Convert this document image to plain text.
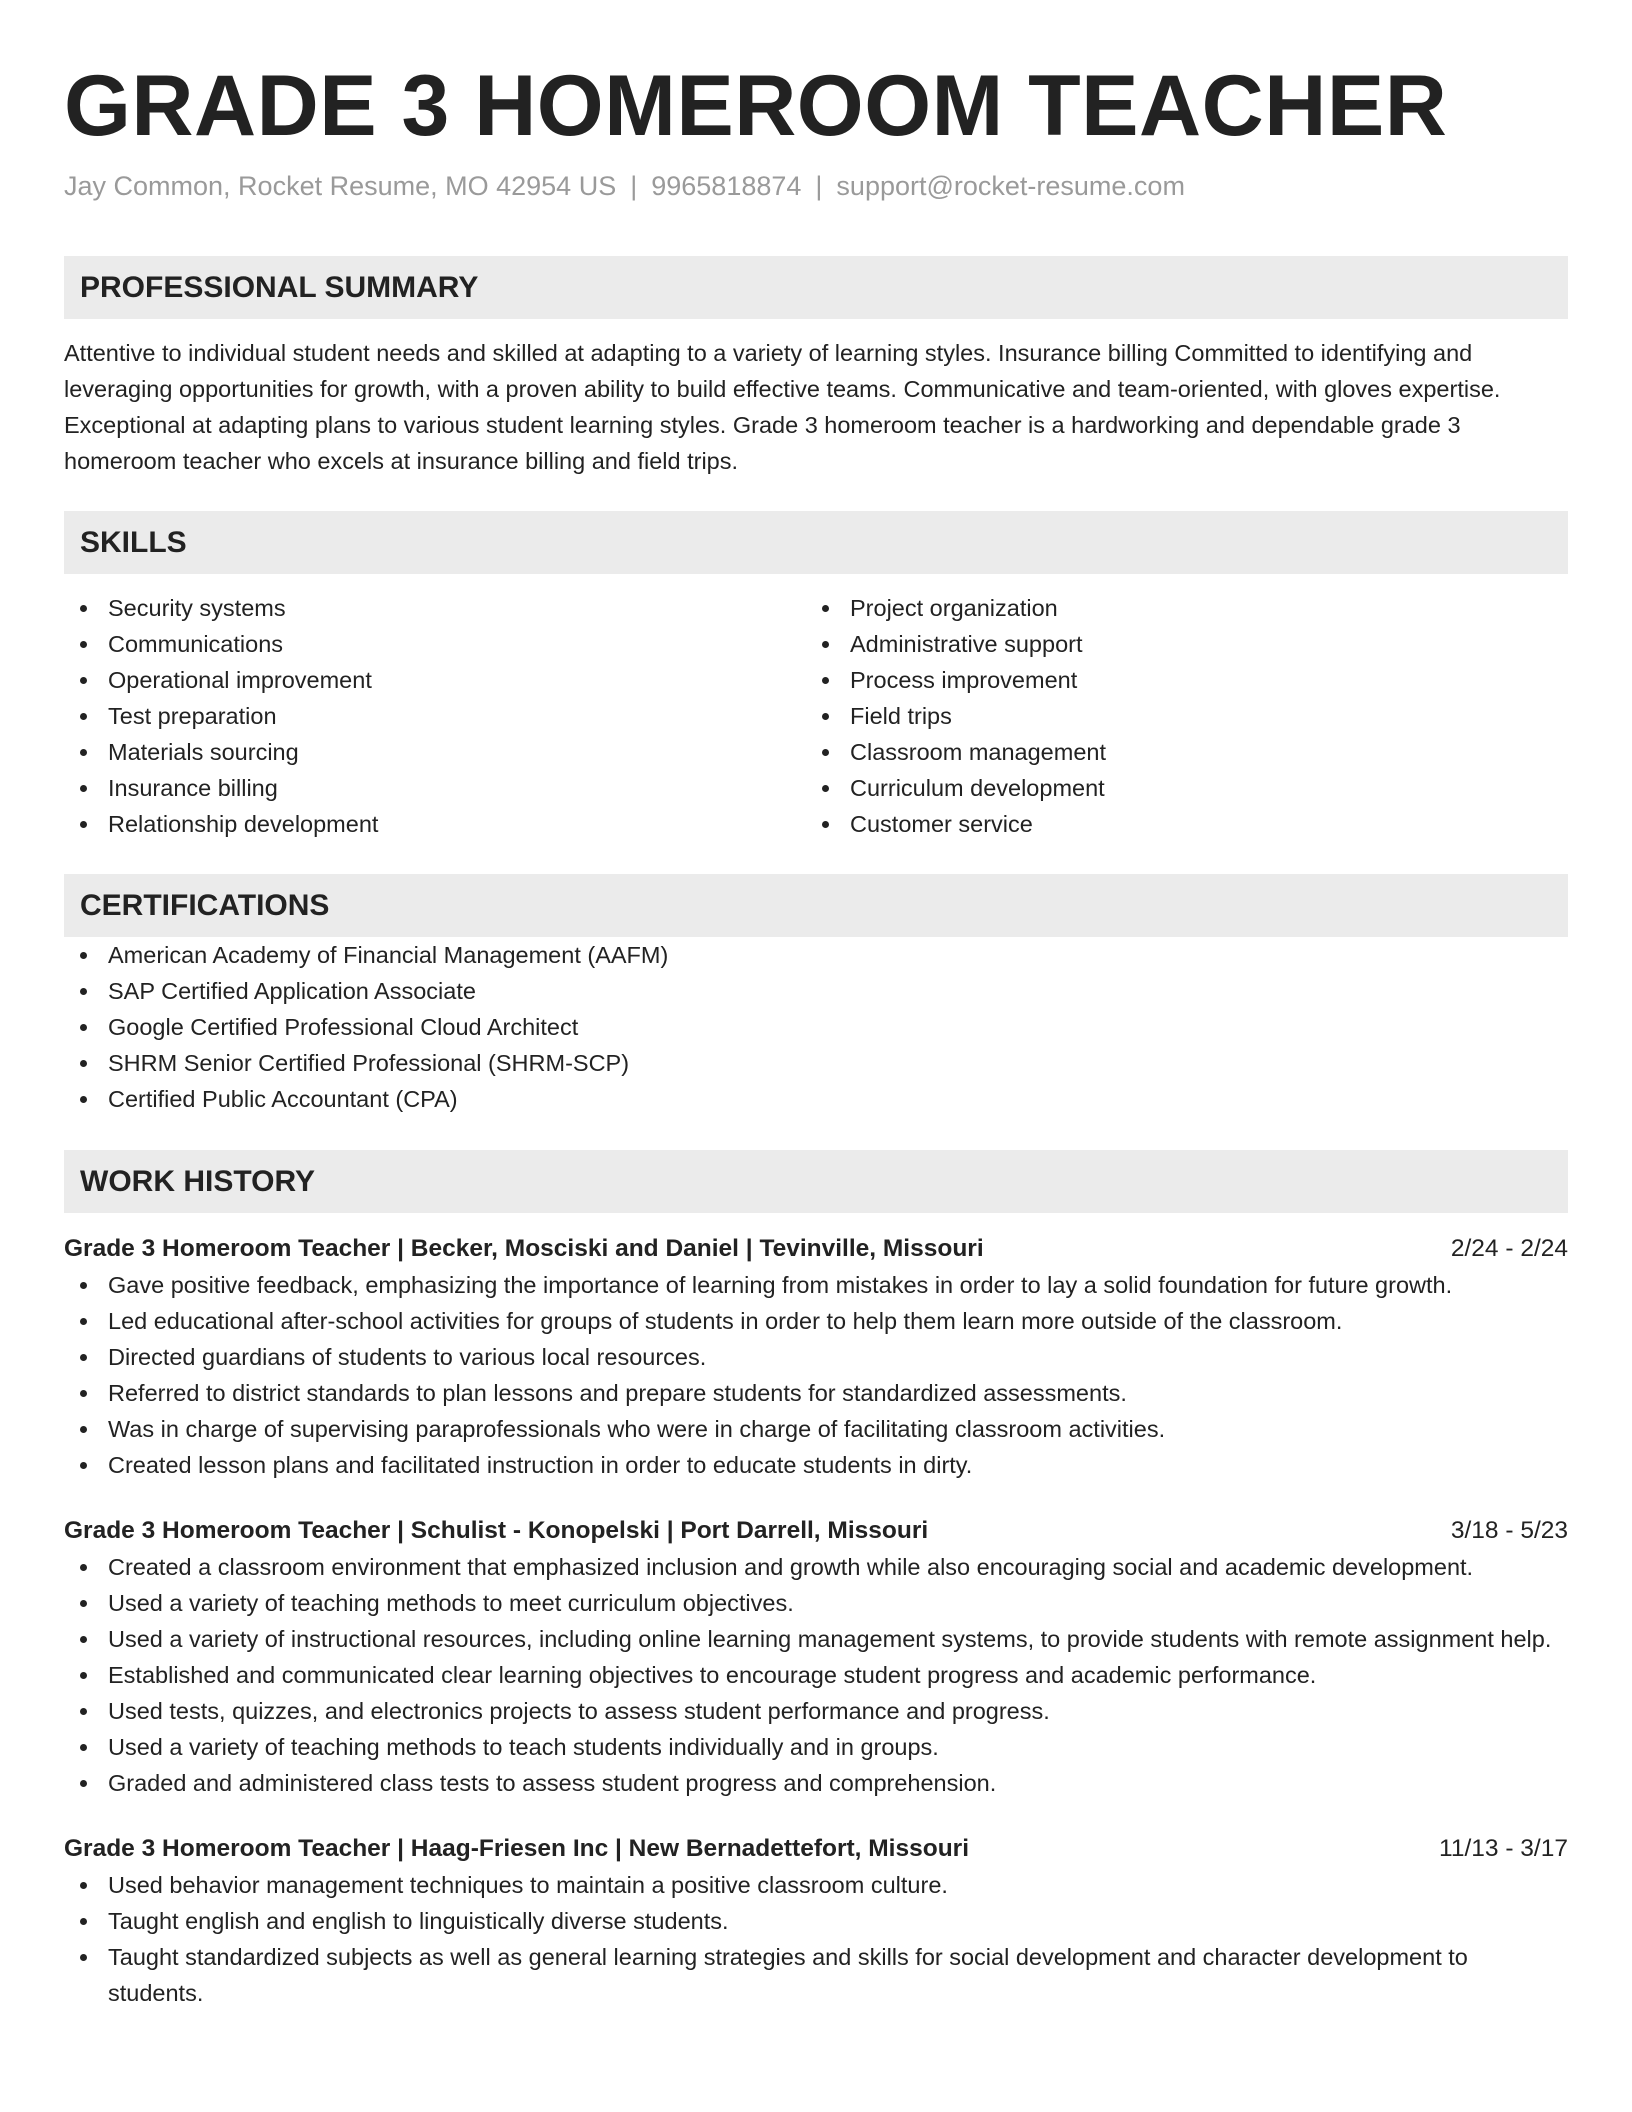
GRADE 3 HOMEROOM TEACHER
Jay Common, Rocket Resume, MO 42954 US | 9965818874 | support@rocket-resume.com
PROFESSIONAL SUMMARY

Attentive to individual student needs and skilled at adapting to a variety of learning styles. Insurance billing Committed to identifying and leveraging opportunities for growth, with a proven ability to build effective teams. Communicative and team-oriented, with gloves expertise. Exceptional at adapting plans to various student learning styles. Grade 3 homeroom teacher is a hardworking and dependable grade 3 homeroom teacher who excels at insurance billing and field trips.

SKILLS
Security systems
Communications
Operational improvement
Test preparation
Materials sourcing
Insurance billing
Relationship development
Project organization
Administrative support
Process improvement
Field trips
Classroom management
Curriculum development
Customer service
CERTIFICATIONS
American Academy of Financial Management (AAFM)
SAP Certified Application Associate
Google Certified Professional Cloud Architect
SHRM Senior Certified Professional (SHRM-SCP)
Certified Public Accountant (CPA)
WORK HISTORY
Grade 3 Homeroom Teacher | Becker, Mosciski and Daniel | Tevinville, Missouri	2/24 - 2/24
Gave positive feedback, emphasizing the importance of learning from mistakes in order to lay a solid foundation for future growth.
Led educational after-school activities for groups of students in order to help them learn more outside of the classroom.
Directed guardians of students to various local resources.
Referred to district standards to plan lessons and prepare students for standardized assessments.
Was in charge of supervising paraprofessionals who were in charge of facilitating classroom activities.
Created lesson plans and facilitated instruction in order to educate students in dirty.
Grade 3 Homeroom Teacher | Schulist - Konopelski | Port Darrell, Missouri	3/18 - 5/23
Created a classroom environment that emphasized inclusion and growth while also encouraging social and academic development.
Used a variety of teaching methods to meet curriculum objectives.
Used a variety of instructional resources, including online learning management systems, to provide students with remote assignment help.
Established and communicated clear learning objectives to encourage student progress and academic performance.
Used tests, quizzes, and electronics projects to assess student performance and progress.
Used a variety of teaching methods to teach students individually and in groups.
Graded and administered class tests to assess student progress and comprehension.
Grade 3 Homeroom Teacher | Haag-Friesen Inc | New Bernadettefort, Missouri	11/13 - 3/17
Used behavior management techniques to maintain a positive classroom culture.
Taught english and english to linguistically diverse students.
Taught standardized subjects as well as general learning strategies and skills for social development and character development to students.
